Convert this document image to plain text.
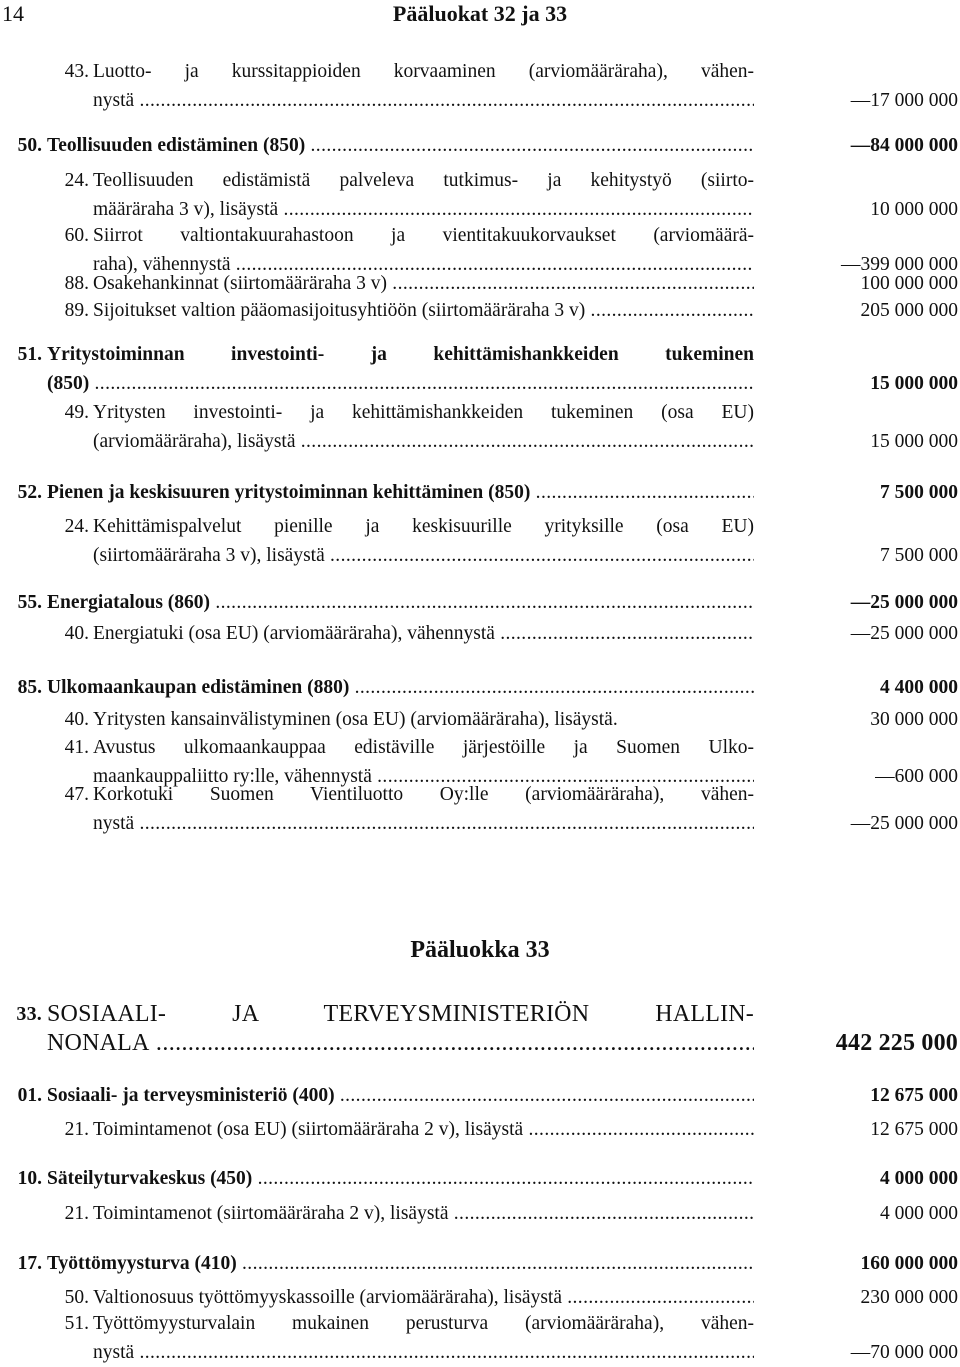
14	Pääluokat 32 ja 33
43. Luotto- ja kurssitappioiden korvaaminen (arviomääräraha), vähen-
nystä .....	—17 000 000
50. Teollisuuden edistäminen (850) .....	—84 000 000
24. Teollisuuden edistämistä palveleva tutkimus- ja kehitystyö (siirto-
määräraha 3 v), lisäystä .....	10 000 000
60. Siirrot valtiontakuurahastoon ja vientitakuukorvaukset (arviomäärä-
raha), vähennystä .....	—399 000 000
88. Osakehankinnat (siirtomääräraha 3 v) .....	100 000 000
89. Sijoitukset valtion pääomasijoitusyhtiöön (siirtomääräraha 3 v) .....	205 000 000
51. Yritystoiminnan investointi- ja kehittämishankkeiden tukeminen
(850) .....	15 000 000
49. Yritysten investointi- ja kehittämishankkeiden tukeminen (osa EU)
(arviomääräraha), lisäystä .....	15 000 000
52. Pienen ja keskisuuren yritystoiminnan kehittäminen (850) .....	7 500 000
24. Kehittämispalvelut pienille ja keskisuurille yrityksille (osa EU)
(siirtomääräraha 3 v), lisäystä .....	7 500 000
55. Energiatalous (860) .....	—25 000 000
40. Energiatuki (osa EU) (arviomääräraha), vähennystä .....	—25 000 000
85. Ulkomaankaupan edistäminen (880) .....	4 400 000
40. Yritysten kansainvälistyminen (osa EU) (arviomääräraha), lisäystä.	30 000 000
41. Avustus ulkomaankauppaa edistäville järjestöille ja Suomen Ulko-
maankauppaliitto ry:lle, vähennystä .....	—600 000
47. Korkotuki Suomen Vientiluotto Oy:lle (arviomääräraha), vähen-
nystä .....	—25 000 000
Pääluokka 33
33. SOSIAALI- JA TERVEYSMINISTERIÖN HALLIN-
NONALA .....	442 225 000
01. Sosiaali- ja terveysministeriö (400) .....	12 675 000
21. Toimintamenot (osa EU) (siirtomääräraha 2 v), lisäystä .....	12 675 000
10. Säteilyturvakeskus (450) .....	4 000 000
21. Toimintamenot (siirtomääräraha 2 v), lisäystä .....	4 000 000
17. Työttömyysturva (410) .....	160 000 000
50. Valtionosuus työttömyyskassoille (arviomääräraha), lisäystä .....	230 000 000
51. Työttömyysturvalain mukainen perusturva (arviomääräraha), vähen-
nystä .....	—70 000 000
